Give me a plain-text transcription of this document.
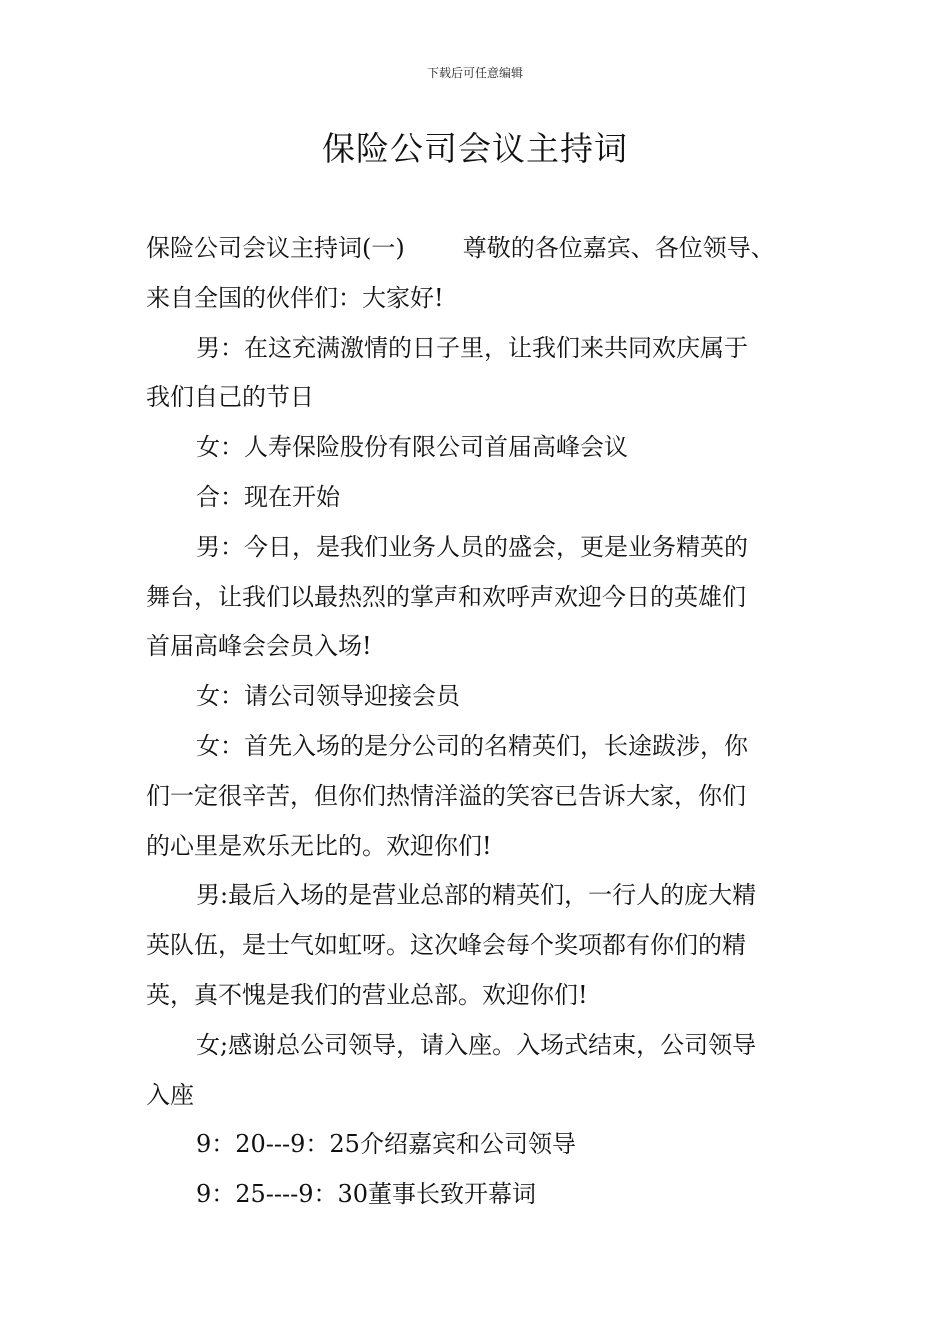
下载后可任意编辑
保险公司会议主持词

保险公司会议主持词(一) 尊敬的各位嘉宾、各位领导、
来自全国的伙伴们：大家好!

男：在这充满激情的日子里，让我们来共同欢庆属于
我们自己的节日

女：人寿保险股份有限公司首届高峰会议

合：现在开始

男：今日，是我们业务人员的盛会，更是业务精英的
舞台，让我们以最热烈的掌声和欢呼声欢迎今日的英雄们
首届高峰会会员入场!

女：请公司领导迎接会员

女：首先入场的是分公司的名精英们，长途跋涉，你
们一定很辛苦，但你们热情洋溢的笑容已告诉大家，你们
的心里是欢乐无比的。欢迎你们!

男:最后入场的是营业总部的精英们，一行人的庞大精
英队伍，是士气如虹呀。这次峰会每个奖项都有你们的精
英，真不愧是我们的营业总部。欢迎你们!

女;感谢总公司领导，请入座。入场式结束，公司领导
入座

9：20---9：25介绍嘉宾和公司领导

9：25----9：30董事长致开幕词
